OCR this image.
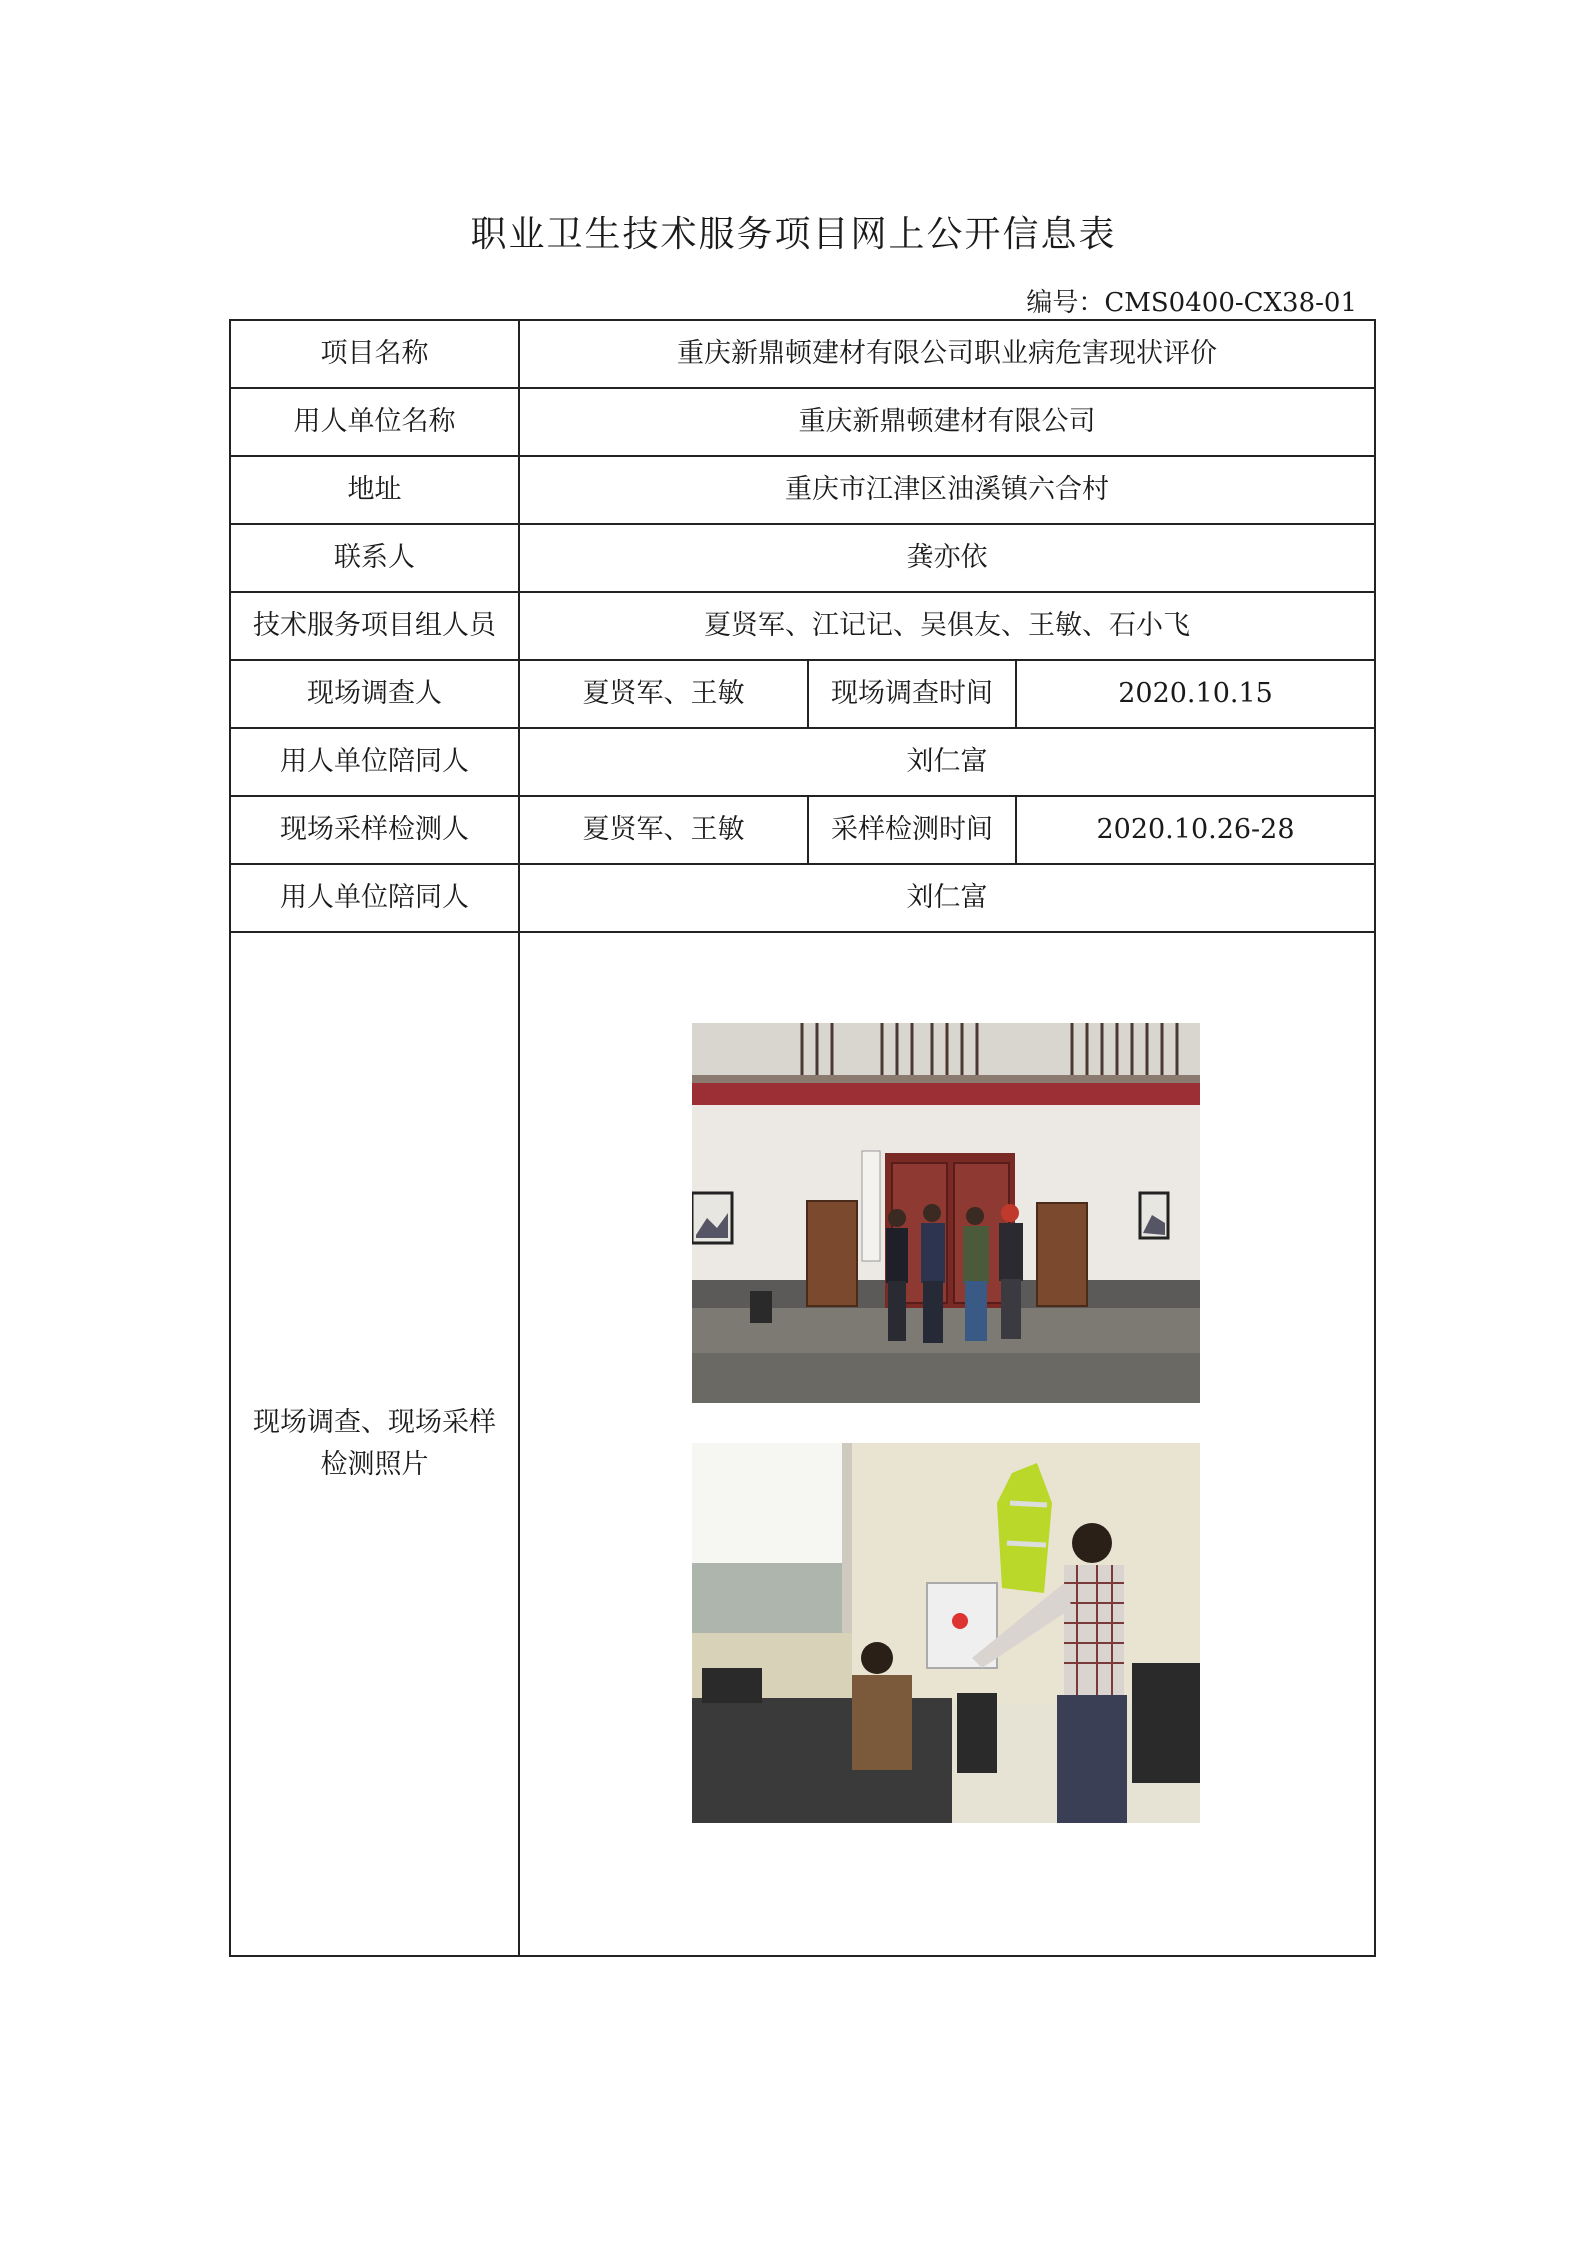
职业卫生技术服务项目网上公开信息表
编号：CMS0400-CX38-01
项目名称	重庆新鼎顿建材有限公司职业病危害现状评价		
用人单位名称	重庆新鼎顿建材有限公司		
地址	重庆市江津区油溪镇六合村		
联系人	龚亦依		
技术服务项目组人员	夏贤军、江记记、吴俱友、王敏、石小飞		
现场调查人	夏贤军、王敏	现场调查时间	2020.10.15
用人单位陪同人	刘仁富		
现场采样检测人	夏贤军、王敏	采样检测时间	2020.10.26-28
用人单位陪同人	刘仁富		
现场调查、现场采样
检测照片	
